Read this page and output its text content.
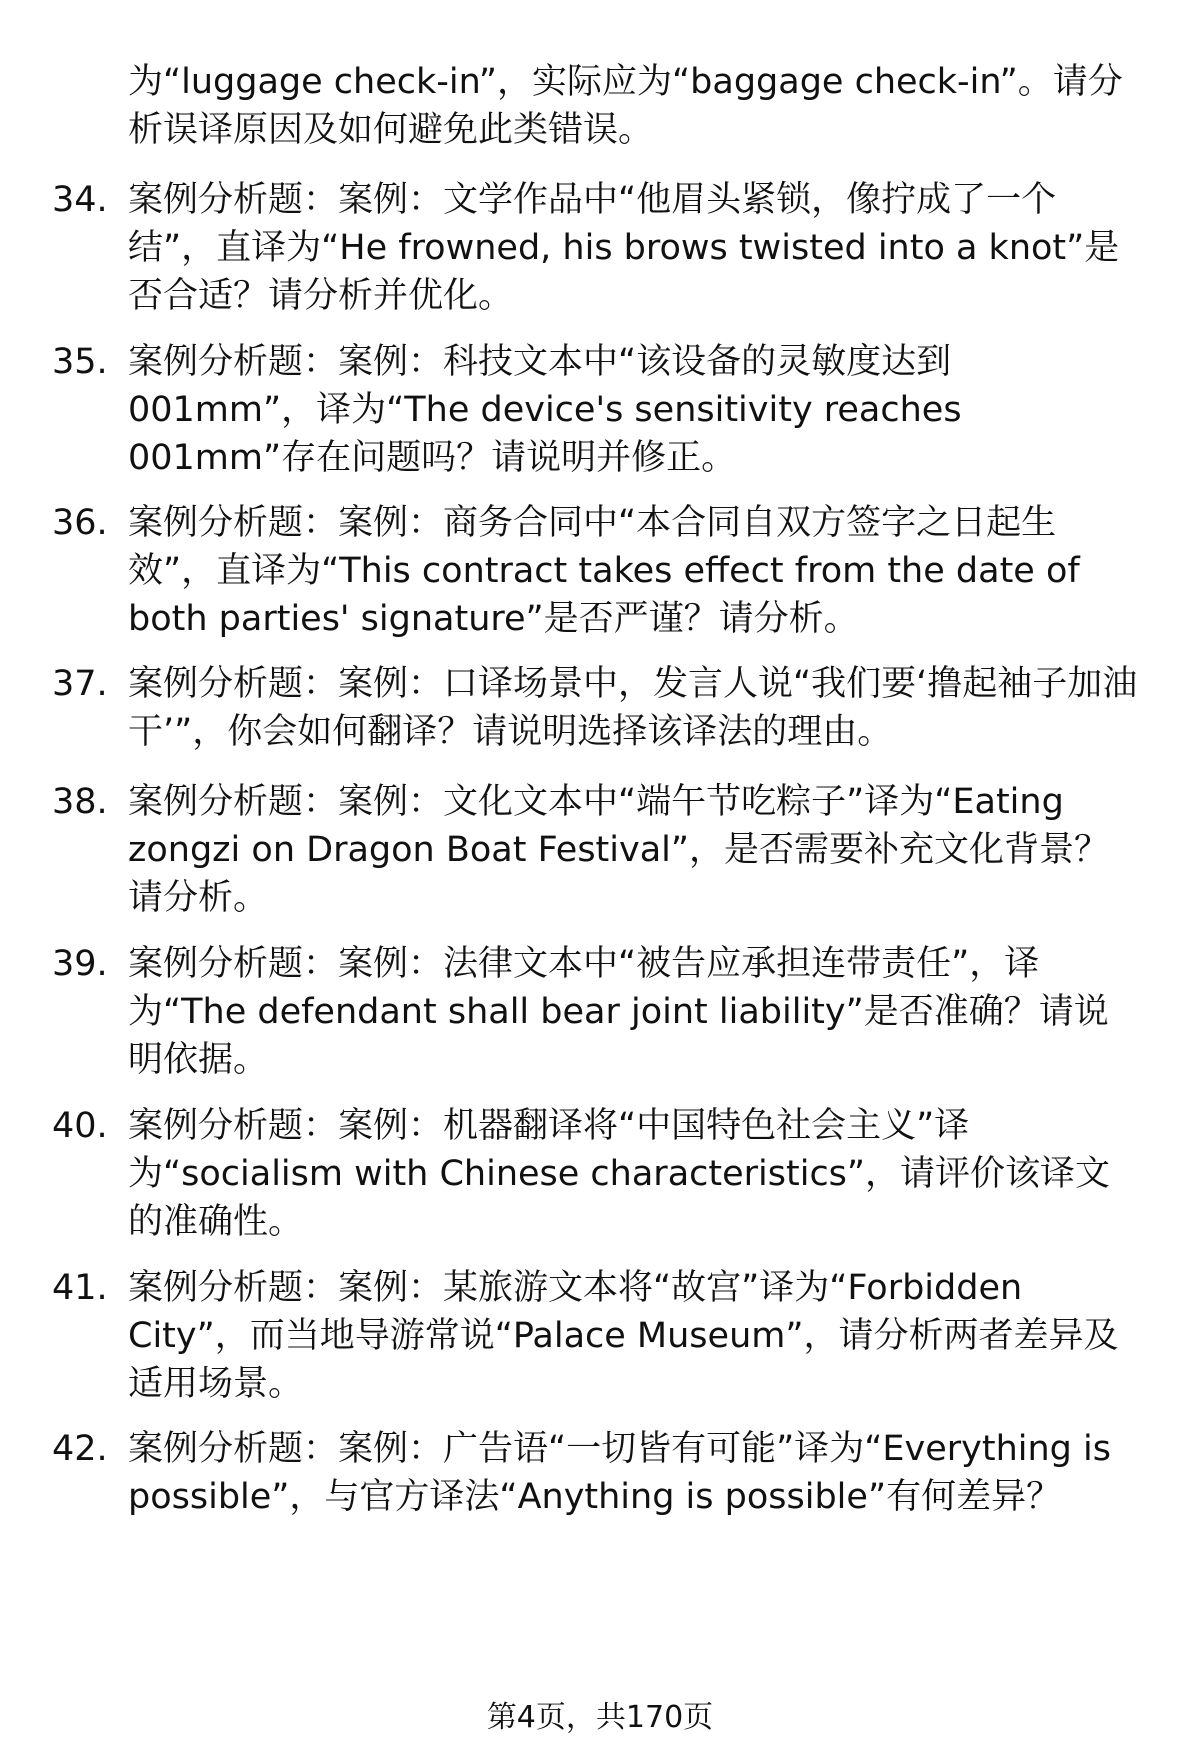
为“luggage check-in”，实际应为“baggage check-in”。请分析误译原因及如何避免此类错误。
34. 案例分析题：案例：文学作品中“他眉头紧锁，像拧成了一个结”，直译为“He frowned, his brows twisted into a knot”是否合适？请分析并优化。
35. 案例分析题：案例：科技文本中“该设备的灵敏度达到001mm”，译为“The device's sensitivity reaches 001mm”存在问题吗？请说明并修正。
36. 案例分析题：案例：商务合同中“本合同自双方签字之日起生效”，直译为“This contract takes effect from the date of both parties' signature”是否严谨？请分析。
37. 案例分析题：案例：口译场景中，发言人说“我们要‘撸起袖子加油干’”，你会如何翻译？请说明选择该译法的理由。
38. 案例分析题：案例：文化文本中“端午节吃粽子”译为“Eating zongzi on Dragon Boat Festival”，是否需要补充文化背景？请分析。
39. 案例分析题：案例：法律文本中“被告应承担连带责任”，译为“The defendant shall bear joint liability”是否准确？请说明依据。
40. 案例分析题：案例：机器翻译将“中国特色社会主义”译为“socialism with Chinese characteristics”，请评价该译文的准确性。
41. 案例分析题：案例：某旅游文本将“故宫”译为“Forbidden City”，而当地导游常说“Palace Museum”，请分析两者差异及适用场景。
42. 案例分析题：案例：广告语“一切皆有可能”译为“Everything is possible”，与官方译法“Anything is possible”有何差异？
第4页，共170页
